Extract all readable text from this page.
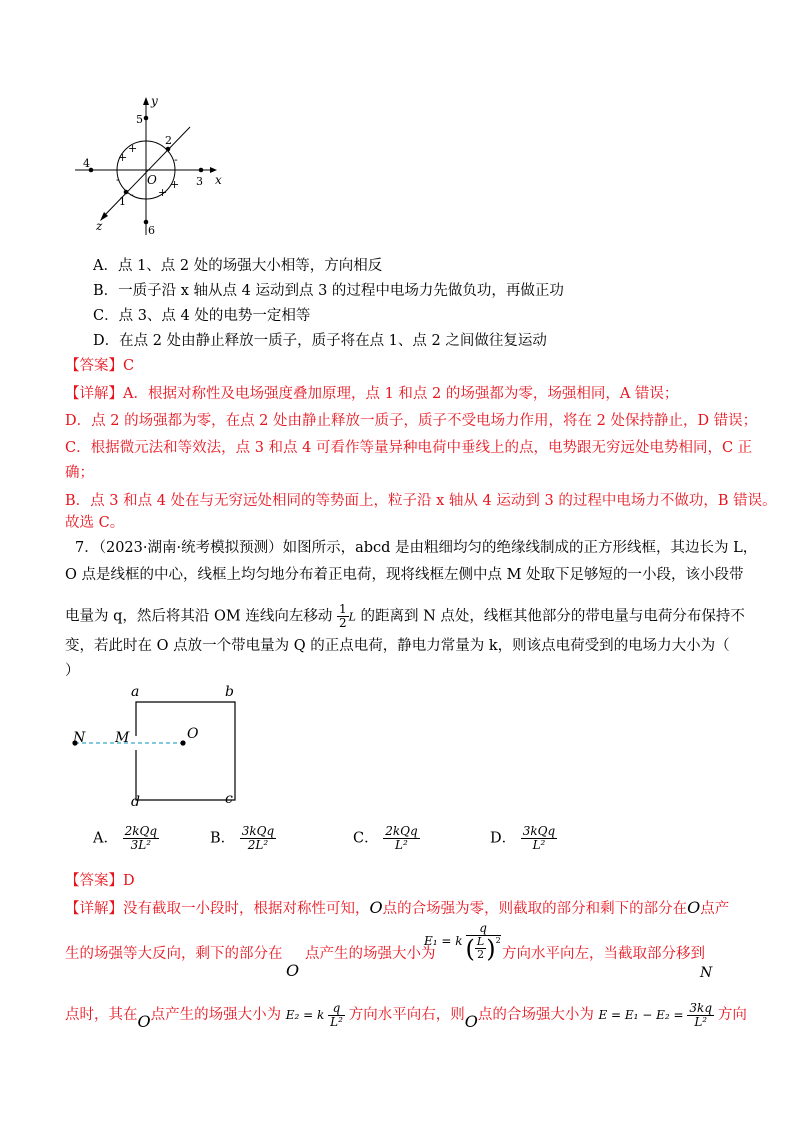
y
x
z
O
5
6
4
3
2
1
+
+
-
+
+
-
-
A．点 1、点 2 处的场强大小相等，方向相反
B．一质子沿 x 轴从点 4 运动到点 3 的过程中电场力先做负功，再做正功
C．点 3、点 4 处的电势一定相等
D．在点 2 处由静止释放一质子，质子将在点 1、点 2 之间做往复运动
【答案】C
【详解】A．根据对称性及电场强度叠加原理，点 1 和点 2 的场强都为零，场强相同，A 错误；
D．点 2 的场强都为零，在点 2 处由静止释放一质子，质子不受电场力作用，将在 2 处保持静止，D 错误；
C．根据微元法和等效法，点 3 和点 4 可看作等量异种电荷中垂线上的点，电势跟无穷远处电势相同，C 正
确；
B．点 3 和点 4 处在与无穷远处相同的等势面上，粒子沿 x 轴从 4 运动到 3 的过程中电场力不做功，B 错误。
故选 C。
7．（2023·湖南·统考模拟预测）如图所示，abcd 是由粗细均匀的绝缘线制成的正方形线框，其边长为 L，
O 点是线框的中心，线框上均匀地分布着正电荷，现将线框左侧中点 M 处取下足够短的一小段，该小段带
电量为 q，然后将其沿 OM 连线向左移动 $\frac{1}{2}$ L 的距离到 N 点处，线框其他部分的带电量与电荷分布保持不
变，若此时在 O 点放一个带电量为 Q 的正点电荷，静电力常量为 k，则该点电荷受到的电场力大小为（
）
a	b
d	c
N M	O
A． $\frac{\text{2kQq}}{\text{3L²}}$	B． $\frac{\text{3kQq}}{\text{2L²}}$	C． $\frac{\text{2kQq}}{\text{L²}}$	D． $\frac{\text{3kQq}}{\text{L²}}$
【答案】D
【详解】没有截取一小段时，根据对称性可知，O点的合场强为零，则截取的部分和剩下的部分在O点产
生的场强等大反向，剩下的部分在
O
点产生的场强大小为
E₁ = k
q
( $\frac{L}{2} )^2$
方向水平向左，当截取部分移到
N
点时，其在O点产生的场强大小为 E₂ = k $\frac{q}{\text{L²}}$ 方向水平向右，则O点的合场强大小为 $E = E_1 - E_2 = \frac{3kq}{\text{L²}}$ 方向
